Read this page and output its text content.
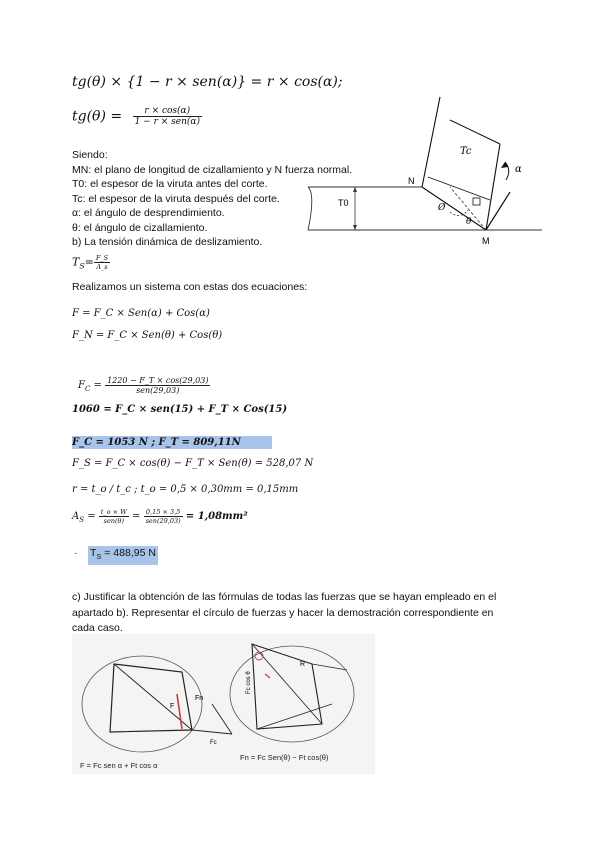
tg(θ) × {1 − r × sen(α)} = r × cos(α);
$tg(\theta) = \frac{r \times \cos(\alpha)}{\text{1 − r × sen(α)}}$
Siendo:
MN: el plano de longitud de cizallamiento y N fuerza normal.
T0: el espesor de la viruta antes del corte.
Tc: el espesor de la viruta después del corte.
α: el ángulo de desprendimiento.
θ: el ángulo de cizallamiento.
b) La tensión dinámica de deslizamiento.
$T_S= \frac{F\_S}{A\_s}$
Realizamos un sistema con estas dos ecuaciones:
F = F_C × Sen(α) + Cos(α)
F_N = F_C × Sen(θ) + Cos(θ)
$F_C = \frac{1220 - F\_T \times \cos(29,03)}{\text{sen(29,03)}}$
1060 = F_C × sen(15) + F_T × Cos(15)
F_C = 1053 N ; F_T = 809,11N
F_S = F_C × cos(θ) − F_T × Sen(θ) = 528,07 N
r = t_o / t_c ; t_o = 0,5 × 0,30mm = 0,15mm
$A_S = \frac{t\_o \times W}{\text{sen(θ)}} = \frac{0,15 \times 3,5}{\text{sen(29,03)}} = 1,08mm^2$
· $T_S = 488,95$ N
c) Justificar la obtención de las fórmulas de todas las fuerzas que se hayan empleado en el
apartado b). Representar el círculo de fuerzas y hacer la demostración correspondiente en
cada caso.
T0
N
M
Tc
α
Ø
θ
F
Fn
Fc
Fc cos θ
R
F = Fc sen α + Ft cos α
Fn = Fc Sen(θ) − Ft cos(θ)
